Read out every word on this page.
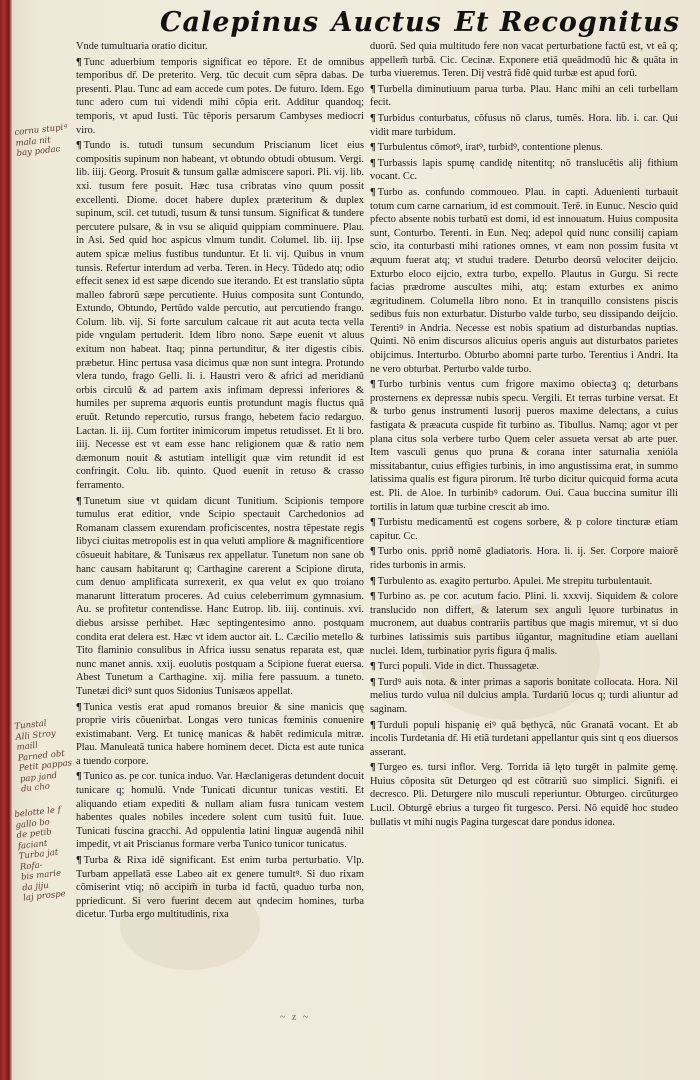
Calepinus Auctus Et Recognitus
cornu stupiꝰ
mala nit
bay podac
Tunstal
Alli Stroy
maill
Parned obt
Petit pappas
pap jand
du cho
belotte le f
gallo bo
de petib
faciant
Turba jat
Rofa-
bis marie
da jiju
laj prospe

Vnde tumultuaria oratio dicitur.

¶ Tunc aduerbium temporis significat eo tẽpore. Et de omnibus temporibus dr̃. De preterito. Verg. tũc decuit cum sẽpra dabas. De presenti. Plau. Tunc ad eam accede cum potes. De futuro. Idem. Ego tunc adero cum tui videndi mihi cõpia erit. Additur quandoq; temporis, vt apud Iusti. Tũc tẽporis persarum Cambyses mediocri viro.

¶ Tundo is. tutudi tunsum secundum Priscianum licet eius compositis supinum non habeant, vt obtundo obtudi obtusum. Vergi. lib. iiij. Georg. Prosuit & tunsum gallæ admiscere sapori. Pli. vij. lib. xxi. tusum fere posuit. Hæc tusa cribratas vino quum possit excellenti. Diome. docet habere duplex præteritum & duplex supinum, scil. cet tutudi, tusum & tunsi tunsum. Significat & tundere percutere pulsare, & in vsu se aliquid quippiam comminuere. Plau. in Asi. Sed quid hoc aspicus vlmum tundit. Columel. lib. iij. Ipse autem spicæ melius fustibus tunduntur. Et li. vij. Quibus in vnum tunsis. Refertur interdum ad verba. Teren. in Hecy. Tũdedo atq; odio effecit senex id est sæpe dicendo sue iterando. Et est translatio sũpta malleo fabrorũ sæpe percutiente. Huius composita sunt Contundo, Extundo, Obtundo, Pertũdo valde percutio, aut percutiendo frango. Colum. lib. vij. Si forte sarculum calcaue rit aut acuta tecta vella pide vngulam pertuderit. Idem libro nono. Sæpe euenit vt aluus exitum non habeat. Itaq; pinna pertunditur, & iter digestis cibis. præbetur. Hinc pertusa vasa dicimus quæ non sunt integra. Protundo vlera tundo, frago Gelli. li. i. Haustri vero & africi ad meridianũ orbis circulũ & ad partem axis infimam depressi inferiores & humiles per suprema æquoris euntis protundunt magis fluctus quã eruũt. Retundo repercutio, rursus frango, hebetem facio redarguo. Lactan. li. iij. Cum fortiter inimicorum impetus retudisset. Et li bro. iiij. Necesse est vt eam esse hanc religionem quæ & ratio nem dæmonum nouit & astutiam intelligit quæ vim retundit id est confringit. Colu. lib. quinto. Quod euenit in retuso & crasso ferramento.

¶ Tunetum siue vt quidam dicunt Tunitium. Scipionis tempore tumulus erat editior, vnde Scipio spectauit Carchedonios ad Romanam classem exurendam proficiscentes, nostra tẽpestate regis libyci ciuitas metropolis est in qua veluti ampliore & magnificentiore cõsueuit habitare, & Tunisæus rex appellatur. Tunetum non sane ob hanc causam habitarunt q; Carthagine carerent a Scipione diruta, cum denuo amplificata surrexerit, ex qua velut ex quo troiano manarunt litteratum proceres. Ad cuius celeberrimum gymnasium. Au. se profitetur contendisse. Hanc Eutrop. lib. iiij. continuis. xvi. diebus arsisse perhibet. Hæc septingentesimo anno. postquam condita erat delera est. Hæc vt idem auctor ait. L. Cæcilio metello & Tito flaminio consulibus in Africa iussu senatus reparata est, quæ nunc manet annis. xxij. euolutis postquam a Scipione fuerat euersa. Abest Tunetum a Carthagine. xij. milia fere passuum. a tuneto. Tunetæi diciꝰ sunt quos Sidonius Tunisæos appellat.

¶ Tunica vestis erat apud romanos breuior & sine manicis quę proprie viris cõuenirbat. Longas vero tunicas fœminis conuenire existimabant. Verg. Et tunicę manicas & habẽt redimicula mitræ. Plau. Manuleatã tunica habere hominem decet. Dicta est aute tunica a tuendo corpore.

¶ Tunico as. pe cor. tunica induo. Var. Hæclanigeras detundent docuit tunicare q; homulũ. Vnde Tunicati dicuntur tunicas vestiti. Et aliquando etiam expediti & nullam aliam fusra tunicam vestem habentes quales nobiles incedere solent cum tusitũ fuit. Iuue. Tunicati fuscina gracchi. Ad oppulentia latini linguæ augendã nihil impedit, vt ait Priscianus formare verba Tunico tunicor tunicatus.

¶ Turba & Rixa idẽ significant. Est enim turba perturbatio. Vlp. Turbam appellatã esse Labeo ait ex genere tumultꝰ. Si duo rixam cõmiserint vtiq; nõ accipim̃ in turba id factũ, quaduo turba non, ppriedicunt. Si vero fuerint decem aut qndecim homines, turba dicetur. Turba ergo multitudinis, rixa

duorũ. Sed quia multitudo fere non vacat perturbatione factũ est, vt eã q; appellem̃ turbã. Cic. Cecinæ. Exponere etiã queãdmodũ hic & quãta in turba viueremus. Teren. Dij vestrã fidẽ quid turbæ est apud forũ.

¶ Turbella diminutiuum parua turba. Plau. Hanc mihi an celi turbellam fecit.

¶ Turbidus conturbatus, cõfusus nõ clarus, tumẽs. Hora. lib. i. car. Qui vidit mare turbidum.

¶ Turbulentus cõmotꝰ, iratꝰ, turbidꝰ, contentione plenus.

¶ Turbassis lapis spumę candidę nitentitq; nõ translucẽtis alij fithium vocant. Cc.

¶ Turbo as. confundo commoueo. Plau. in capti. Aduenienti turbauit totum cum carne carnarium, id est commouit. Terẽ. in Eunuc. Nescio quid pfecto absente nobis turbatũ est domi, id est innouatum. Huius composita sunt, Conturbo. Terenti. in Eun. Neq; adepol quid nunc consilij capiam scio, ita conturbasti mihi rationes omnes, vt eam non possim fusita vt æquum fuerat atq; vt studui tradere. Deturbo deorsũ velociter deijcio. Exturbo eloco eijcio, extra turbo, expello. Plautus in Gurgu. Si recte facias prædrome auscultes mihi, atq; estam exturbes ex animo ægritudinem. Columella libro nono. Et in tranquillo consistens piscis sedibus fuis non exturbatur. Disturbo valde turbo, seu dissipando deijcio. Terentiꝰ in Andria. Necesse est nobis spatium ad disturbandas nuptias. Quinti. Nõ enim discursos alicuius operis anguis aut disturbatos parietes obijcimus. Interturbo. Obturbo abomni parte turbo. Terentius i Andri. Ita ne vero obturbat. Perturbo valde turbo.

¶ Turbo turbinis ventus cum frigore maximo obiectaꝫ q; deturbans prosternens ex depressæ nubis specu. Vergili. Et terras turbine versat. Et & turbo genus instrumenti lusorij pueros maxime delectans, a cuius fastigata & præacuta cuspide fit turbino as. Tibullus. Namq; agor vt per plana citus sola verbere turbo Quem celer assueta versat ab arte puer. Item vasculi genus quo pruna & corana inter saturnalia xenióla missitabantur, cuius effigies turbinis, in imo angustissima erat, in summo latissima qualis est figura pirorum. Itẽ turbo dicitur quicquid forma acuta est. Pli. de Aloe. In turbinibꝰ cadorum. Oui. Caua buccina sumitur illi tortilis in latum quæ turbine crescit ab imo.

¶ Turbistu medicamentũ est cogens sorbere, & p colore tincturæ etiam capitur. Cc.

¶ Turbo onis. pprið nomẽ gladiatoris. Hora. li. ij. Ser. Corpore maiorẽ rides turbonis in armis.

¶ Turbulento as. exagito perturbo. Apulei. Me strepitu turbulentauit.

¶ Turbino as. pe cor. acutum facio. Plini. li. xxxvij. Siquidem & colore translucido non differt, & laterum sex anguli lęuore turbinatus in mucronem, aut duabus contrariis partibus que magis miremur, vt si duo turbines latissimis suis partibus iũgantur, magnitudine etiam auellani nuclei. Idem, turbinatior pyris figura q̃ malis.

¶ Turci populi. Vide in dict. Thussagetæ.

¶ Turdꝰ auis nota. & inter primas a saporis bonitate collocata. Hora. Nil melius turdo vulua nil dulcius ampla. Turdariũ locus q; turdi aliuntur ad saginam.

¶ Turduli populi hispanię eiꝰ quã bęthycã, nũc Granatã vocant. Et ab incolis Turdetania dr̃. Hi etiã turdetani appellantur quis sint q eos diuersos asserant.

¶ Turgeo es. tursi inflor. Verg. Torrida iã lęto turgẽt in palmite gemę. Huius cõposita sũt Deturgeo qd est cõtrariũ suo simplici. Signifi. ei decresco. Pli. Deturgere nilo musculi reperiuntur. Obturgeo. circũturgeo Lucil. Obturgẽ ebrius a turgeo fit turgesco. Persi. Nõ equidẽ hoc studeo bullatis vt mihi nugis Pagina turgescat dare pondus idonea.

~ z ~
